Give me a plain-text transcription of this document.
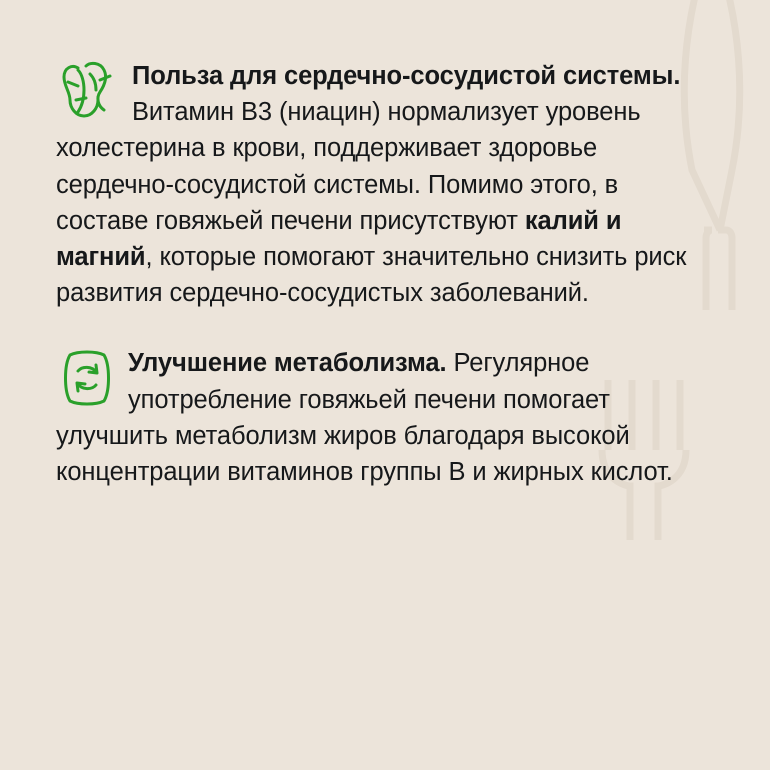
Польза для сердечно-сосудистой системы. Витамин В3 (ниацин) нормализует уровень холестерина в крови, поддерживает здоровье сердечно-сосудистой системы. Помимо этого, в составе говяжьей печени присутствуют калий и магний, которые помогают значительно снизить риск развития сердечно-сосудистых заболеваний.

Улучшение метаболизма. Регулярное употребление говяжьей печени помогает улучшить метаболизм жиров благодаря высокой концентрации витаминов группы В и жирных кислот.
